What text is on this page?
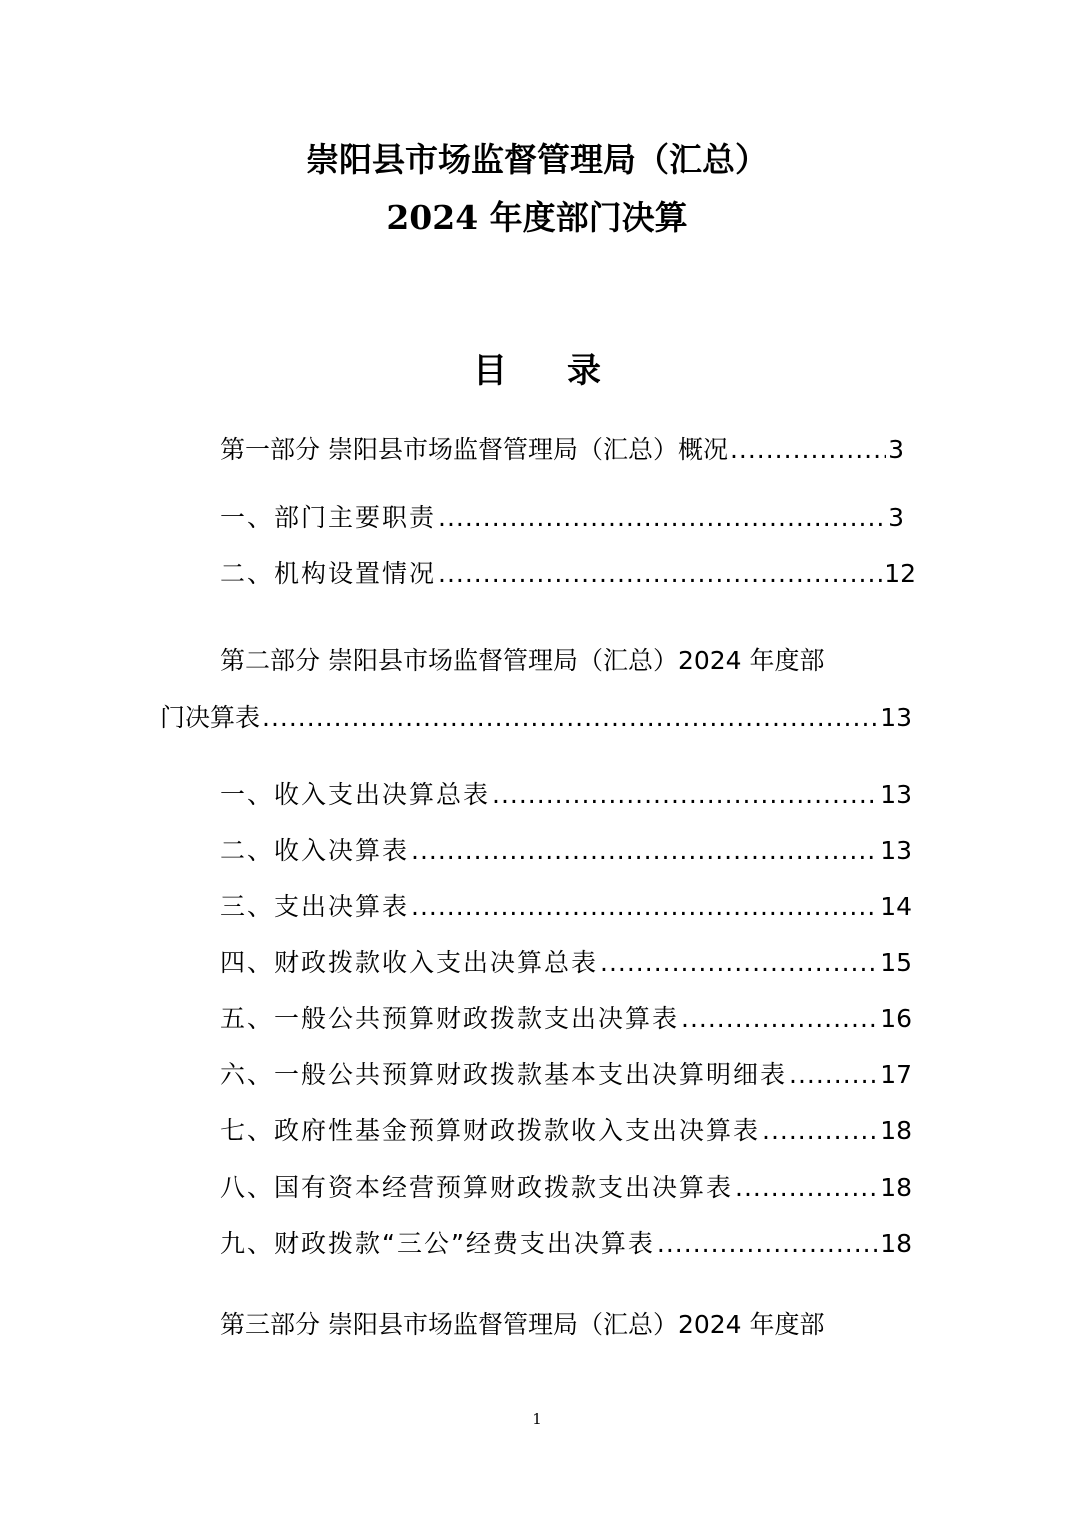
崇阳县市场监督管理局（汇总）
2024 年度部门决算
目录
第一部分 崇阳县市场监督管理局（汇总）概况 .....	3
一、部门主要职责 .....	3
二、机构设置情况 .....	12
第二部分 崇阳县市场监督管理局（汇总）2024 年度部
门决算表 .....	13
一、收入支出决算总表 .....	13
二、收入决算表 .....	13
三、支出决算表 .....	14
四、财政拨款收入支出决算总表 .....	15
五、一般公共预算财政拨款支出决算表 .....	16
六、一般公共预算财政拨款基本支出决算明细表 .....	17
七、政府性基金预算财政拨款收入支出决算表 .....	18
八、国有资本经营预算财政拨款支出决算表 .....	18
九、财政拨款“三公”经费支出决算表 .....	18
第三部分 崇阳县市场监督管理局（汇总）2024 年度部
1
